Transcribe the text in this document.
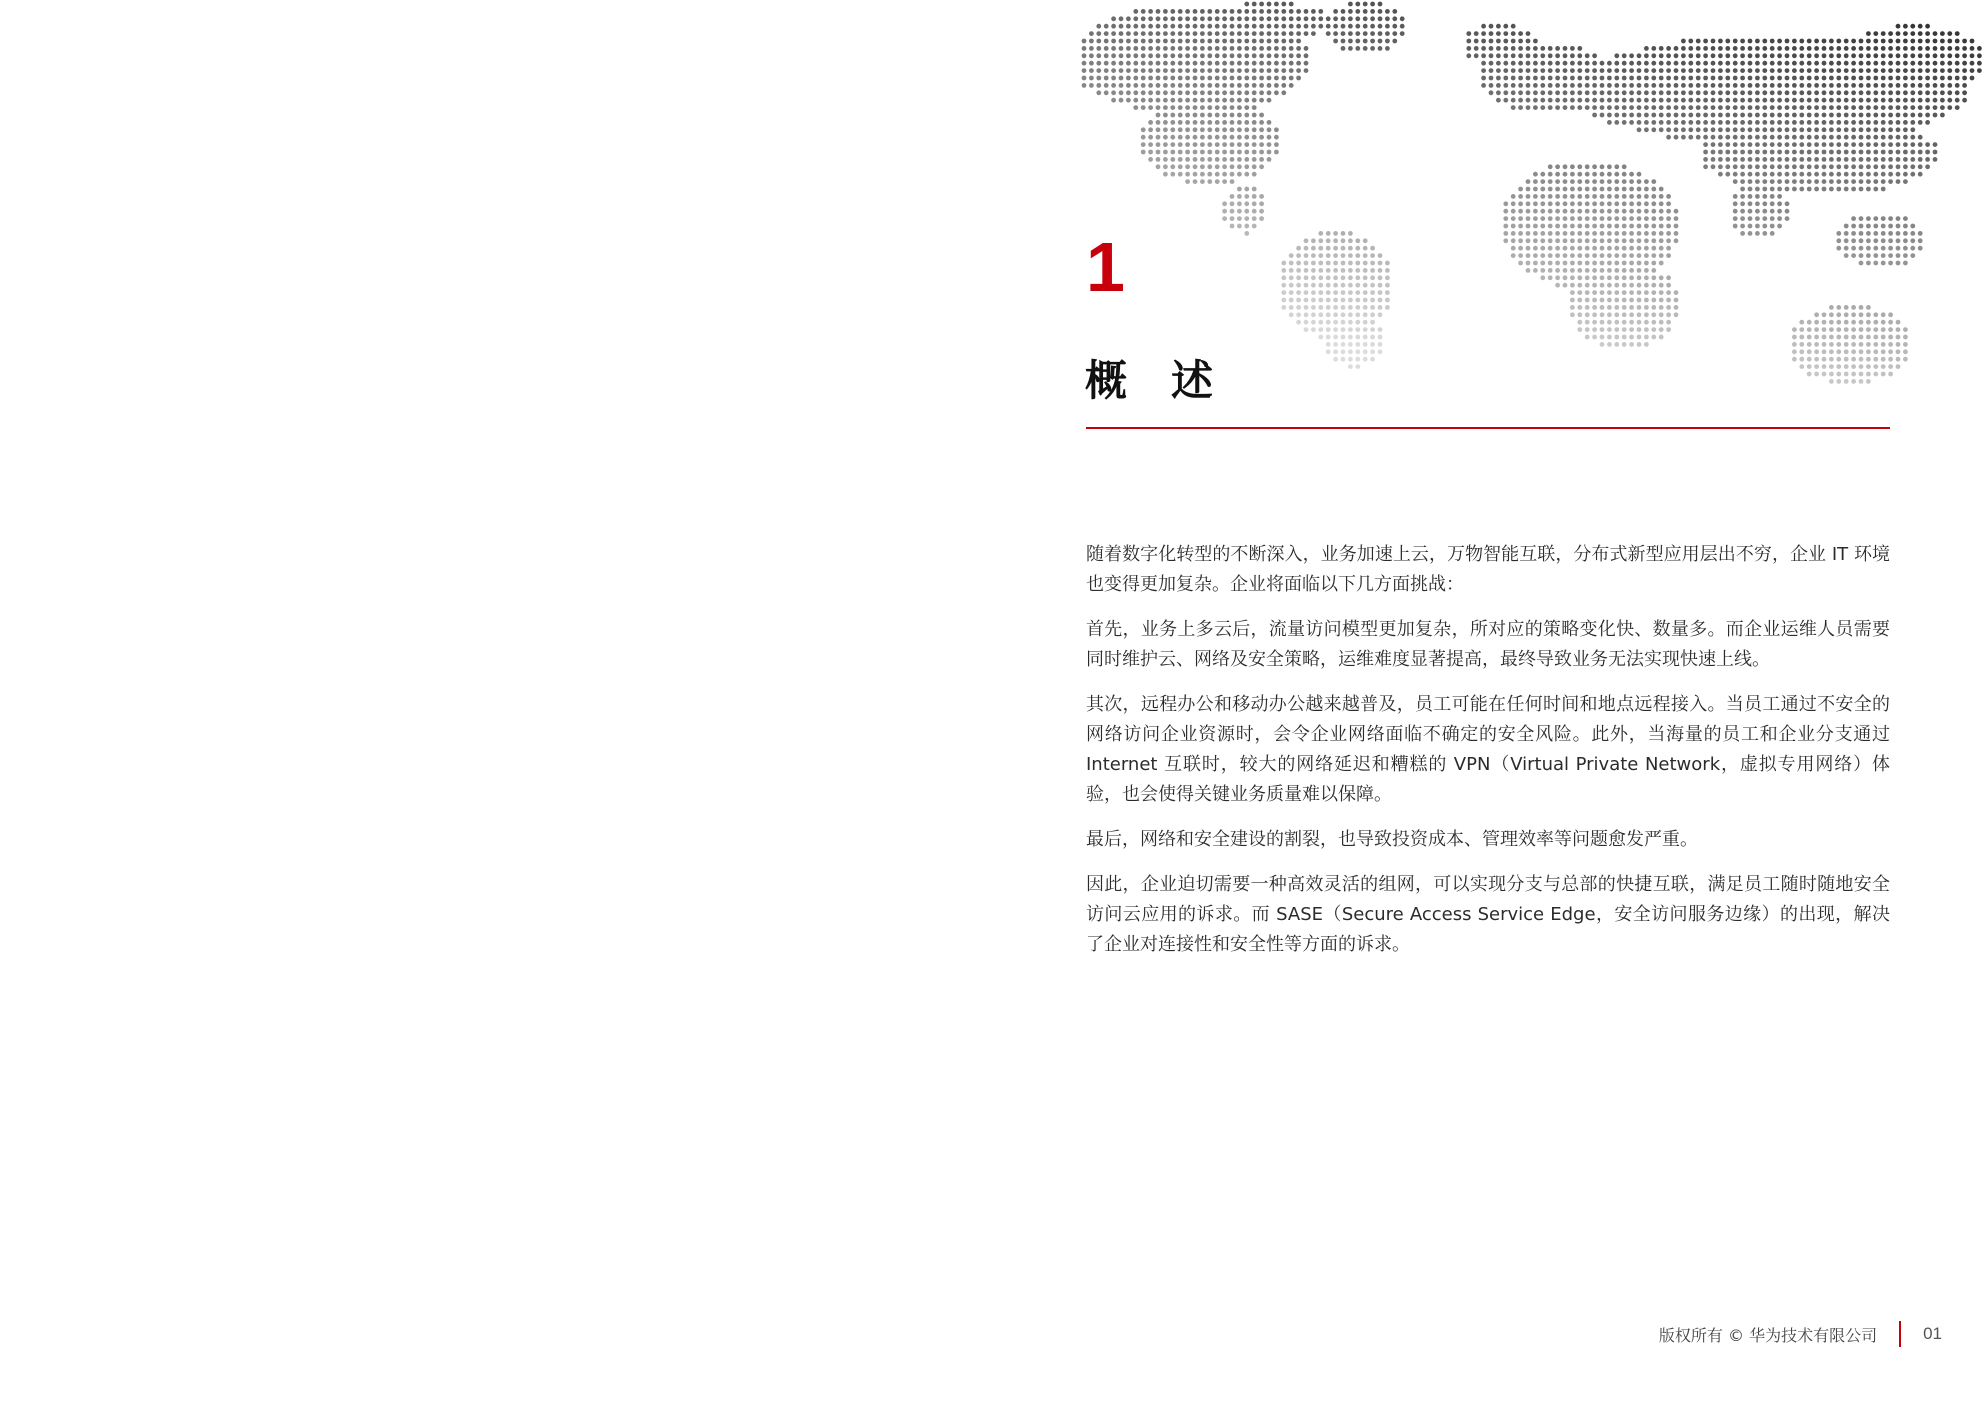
1
概述

随着数字化转型的不断深入，业务加速上云，万物智能互联，分布式新型应用层出不穷，企业 IT 环境也变得更加复杂。企业将面临以下几方面挑战：

首先，业务上多云后，流量访问模型更加复杂，所对应的策略变化快、数量多。而企业运维人员需要同时维护云、网络及安全策略，运维难度显著提高，最终导致业务无法实现快速上线。

其次，远程办公和移动办公越来越普及，员工可能在任何时间和地点远程接入。当员工通过不安全的网络访问企业资源时，会令企业网络面临不确定的安全风险。此外，当海量的员工和企业分支通过 Internet 互联时，较大的网络延迟和糟糕的 VPN（Virtual Private Network，虚拟专用网络）体验，也会使得关键业务质量难以保障。

最后，网络和安全建设的割裂，也导致投资成本、管理效率等问题愈发严重。

因此，企业迫切需要一种高效灵活的组网，可以实现分支与总部的快捷互联，满足员工随时随地安全访问云应用的诉求。而 SASE（Secure Access Service Edge，安全访问服务边缘）的出现，解决了企业对连接性和安全性等方面的诉求。

版权所有 © 华为技术有限公司	01
